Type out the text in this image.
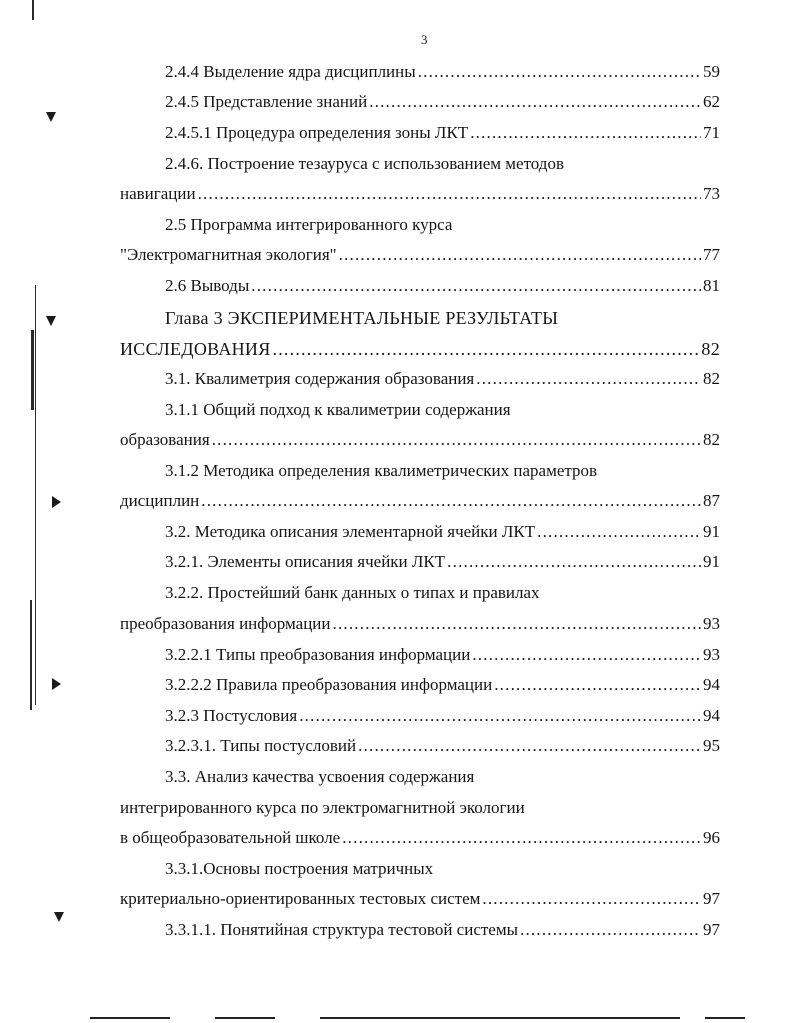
3
2.4.4 Выделение ядра дисциплины .....	59
2.4.5 Представление знаний .....	62
2.4.5.1 Процедура определения зоны ЛКТ .....	71
2.4.6. Построение тезауруса с использованием методов
навигации .....	73
2.5 Программа интегрированного курса
"Электромагнитная экология" .....	77
2.6 Выводы .....	81
Глава 3 ЭКСПЕРИМЕНТАЛЬНЫЕ РЕЗУЛЬТАТЫ
ИССЛЕДОВАНИЯ .....	82
3.1. Квалиметрия содержания образования .....	82
3.1.1 Общий подход к квалиметрии содержания
образования .....	82
3.1.2 Методика определения квалиметрических параметров
дисциплин .....	87
3.2. Методика описания элементарной ячейки ЛКТ .....	91
3.2.1. Элементы описания ячейки ЛКТ .....	91
3.2.2. Простейший банк данных о типах и правилах
преобразования информации .....	93
3.2.2.1 Типы преобразования информации .....	93
3.2.2.2 Правила преобразования информации .....	94
3.2.3 Постусловия .....	94
3.2.3.1. Типы постусловий .....	95
3.3. Анализ качества усвоения содержания
интегрированного курса по электромагнитной экологии
в общеобразовательной школе .....	96
3.3.1.Основы построения матричных
критериально-ориентированных тестовых систем .....	97
3.3.1.1. Понятийная структура тестовой системы .....	97
